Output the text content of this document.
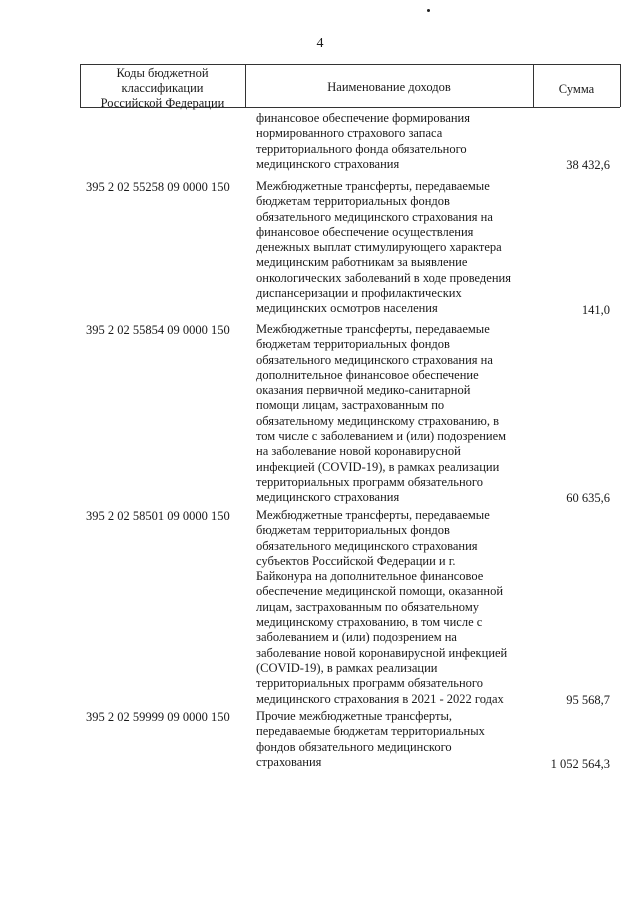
4
Коды бюджетной
классификации
Российской Федерации
Наименование доходов	Сумма
финансовое обеспечение формирования
нормированного страхового запаса
территориального фонда обязательного
медицинского страхования	38 432,6
395 2 02 55258 09 0000 150 Межбюджетные трансферты, передаваемые
бюджетам территориальных фондов
обязательного медицинского страхования на
финансовое обеспечение осуществления
денежных выплат стимулирующего характера
медицинским работникам за выявление
онкологических заболеваний в ходе проведения
диспансеризации и профилактических
медицинских осмотров населения	141,0
395 2 02 55854 09 0000 150 Межбюджетные трансферты, передаваемые
бюджетам территориальных фондов
обязательного медицинского страхования на
дополнительное финансовое обеспечение
оказания первичной медико-санитарной
помощи лицам, застрахованным по
обязательному медицинскому страхованию, в
том числе с заболеванием и (или) подозрением
на заболевание новой коронавирусной
инфекцией (COVID-19), в рамках реализации
территориальных программ обязательного
медицинского страхования	60 635,6
395 2 02 58501 09 0000 150 Межбюджетные трансферты, передаваемые
бюджетам территориальных фондов
обязательного медицинского страхования
субъектов Российской Федерации и г.
Байконура на дополнительное финансовое
обеспечение медицинской помощи, оказанной
лицам, застрахованным по обязательному
медицинскому страхованию, в том числе с
заболеванием и (или) подозрением на
заболевание новой коронавирусной инфекцией
(COVID-19), в рамках реализации
территориальных программ обязательного
медицинского страхования в 2021 - 2022 годах	95 568,7
395 2 02 59999 09 0000 150 Прочие межбюджетные трансферты,
передаваемые бюджетам территориальных
фондов обязательного медицинского
страхования	1 052 564,3
